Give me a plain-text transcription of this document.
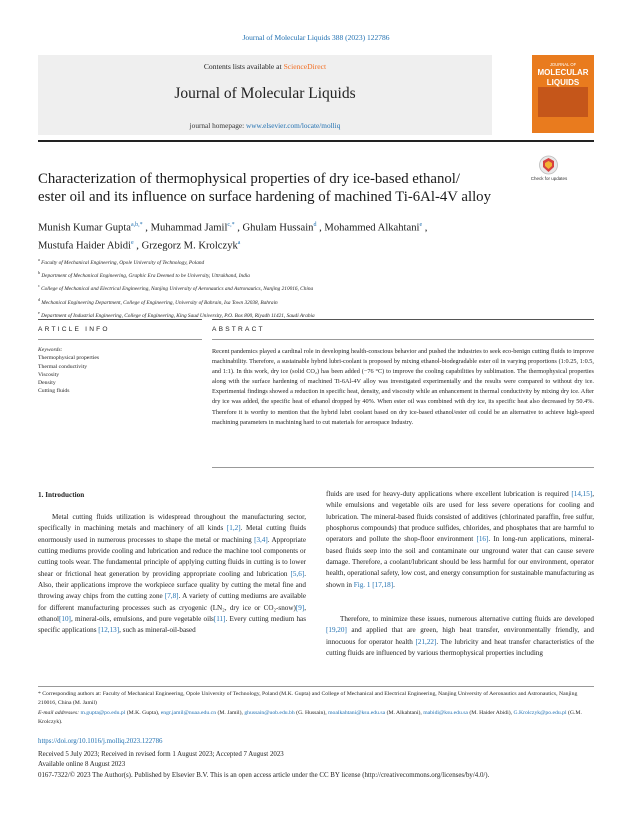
Journal of Molecular Liquids 388 (2023) 122786
Contents lists available at ScienceDirect
Journal of Molecular Liquids
journal homepage: www.elsevier.com/locate/molliq
JOURNAL OF
MOLECULAR
LIQUIDS
Check for updates
Characterization of thermophysical properties of dry ice-based ethanol/
ester oil and its influence on surface hardening of machined Ti-6Al-4V alloy
Munish Kumar Gupta$^{a,b,*}$ , Muhammad Jamil$^{c,*}$ , Ghulam Hussain$^d$ , Mohammed Alkahtani$^e$ ,
Mustufa Haider Abidi$^e$ , Grzegorz M. Krolczyk$^a$
$^a$ Faculty of Mechanical Engineering, Opole University of Technology, Poland
$^b$ Department of Mechanical Engineering, Graphic Era Deemed to be University, Uttrakhand, India
$^c$ College of Mechanical and Electrical Engineering, Nanjing University of Aeronautics and Astronautics, Nanjing 210016, China
$^d$ Mechanical Engineering Department, College of Engineering, University of Bahrain, Isa Town 32038, Bahrain
$^e$ Department of Industrial Engineering, College of Engineering, King Saud University, P.O. Box 800, Riyadh 11421, Saudi Arabia
ARTICLE INFO	ABSTRACT
Keywords:
Thermophysical properties
Thermal conductivity
Viscosity
Density
Cutting fluids
Recent pandemics played a cardinal role in developing health-conscious behavior and pushed the industries to seek eco-benign cutting fluids to improve machinability. Therefore, a sustainable hybrid lubri-coolant is proposed by mixing ethanol-biodegradable ester oil in varying proportions (1:0.25, 1:0.5, and 1:1). In this work, dry ice (solid CO₂) has been added (−76 °C) to improve the cooling capabilities by sublimation. The thermophysical properties along with the surface hardening of machined Ti-6Al-4V alloy was investigated experimentally and the results were compared to without dry ice. Experimental findings showed a reduction in specific heat, density, and viscosity while an enhancement in thermal conductivity by mixing dry ice. After dry ice was added, the specific heat of ethanol dropped by 40%. When ester oil was combined with dry ice, its specific heat also decreased by 50.4%. Therefore it is worthy to mention that the hybrid lubri coolant based on dry ice-based ethanol/ester oil could be an alternative to achieve high-speed machining parameters in machining hard to cut materials for aerospace Industry.
1. Introduction
Metal cutting fluids utilization is widespread throughout the manufacturing sector, specifically in machining metals and machinery of all kinds [1,2]. Metal cutting fluids enormously used in numerous processes to shape the metal or machining [3,4]. Appropriate cutting mediums provide cooling and lubrication and reduce the machine tool components or cutting tools wear. The fundamental principle of applying cutting fluids in cutting is to lower shear or frictional heat generation by providing appropriate cooling and lubrication [5,6]. Also, their applications improve the workpiece surface quality by cutting the metal fine and throwing away chips from the cutting zone [7,8]. A variety of cutting mediums are available for different manufacturing processes such as cryogenic (LN₂, dry ice or CO₂-snow)[9], ethanol[10], mineral-oils, emulsions, and pure vegetable oils[11]. Every cutting medium has specific applications [12,13], such as mineral-oil-based
fluids are used for heavy-duty applications where excellent lubrication is required [14,15], while emulsions and vegetable oils are used for less severe operations for cooling and lubrication. The mineral-based fluids consisted of additives (chlorinated paraffin, free sulfur, phosphorus compounds) that produce sulfides, chlorides, and phosphates that are harmful to operators and pollute the shop-floor environment [16]. In long-run applications, mineral-based fluids seep into the soil and contaminate our unground water that can cause severe damage. Therefore, a coolant/lubricant should be less harmful for our environment, operator health, operational safety, low cost, and energy consumption for sustainable manufacturing as shown in Fig. 1 [17,18].
Therefore, to minimize these issues, numerous alternative cutting fluids are developed [19,20] and applied that are green, high heat transfer, environmentally friendly, and innocuous for operator health [21,22]. The lubricity and heat transfer characteristics of the cutting fluids are influenced by various thermophysical properties including
* Corresponding authors at: Faculty of Mechanical Engineering, Opole University of Technology, Poland (M.K. Gupta) and College of Mechanical and Electrical Engineering, Nanjing University of Aeronautics and Astronautics, Nanjing 210016, China (M. Jamil)
E-mail addresses: m.gupta@po.edu.pl (M.K. Gupta), engr.jamil@nuaa.edu.cn (M. Jamil), ghussain@uob.edu.bh (G. Hussain), moalkahtani@ksu.edu.sa (M. Alkahtani), mabidi@ksu.edu.sa (M. Haider Abidi), G.Krolczyk@po.edu.pl (G.M. Krolczyk).
https://doi.org/10.1016/j.molliq.2023.122786
Received 5 July 2023; Received in revised form 1 August 2023; Accepted 7 August 2023
Available online 8 August 2023
0167-7322/© 2023 The Author(s). Published by Elsevier B.V. This is an open access article under the CC BY license (http://creativecommons.org/licenses/by/4.0/).
